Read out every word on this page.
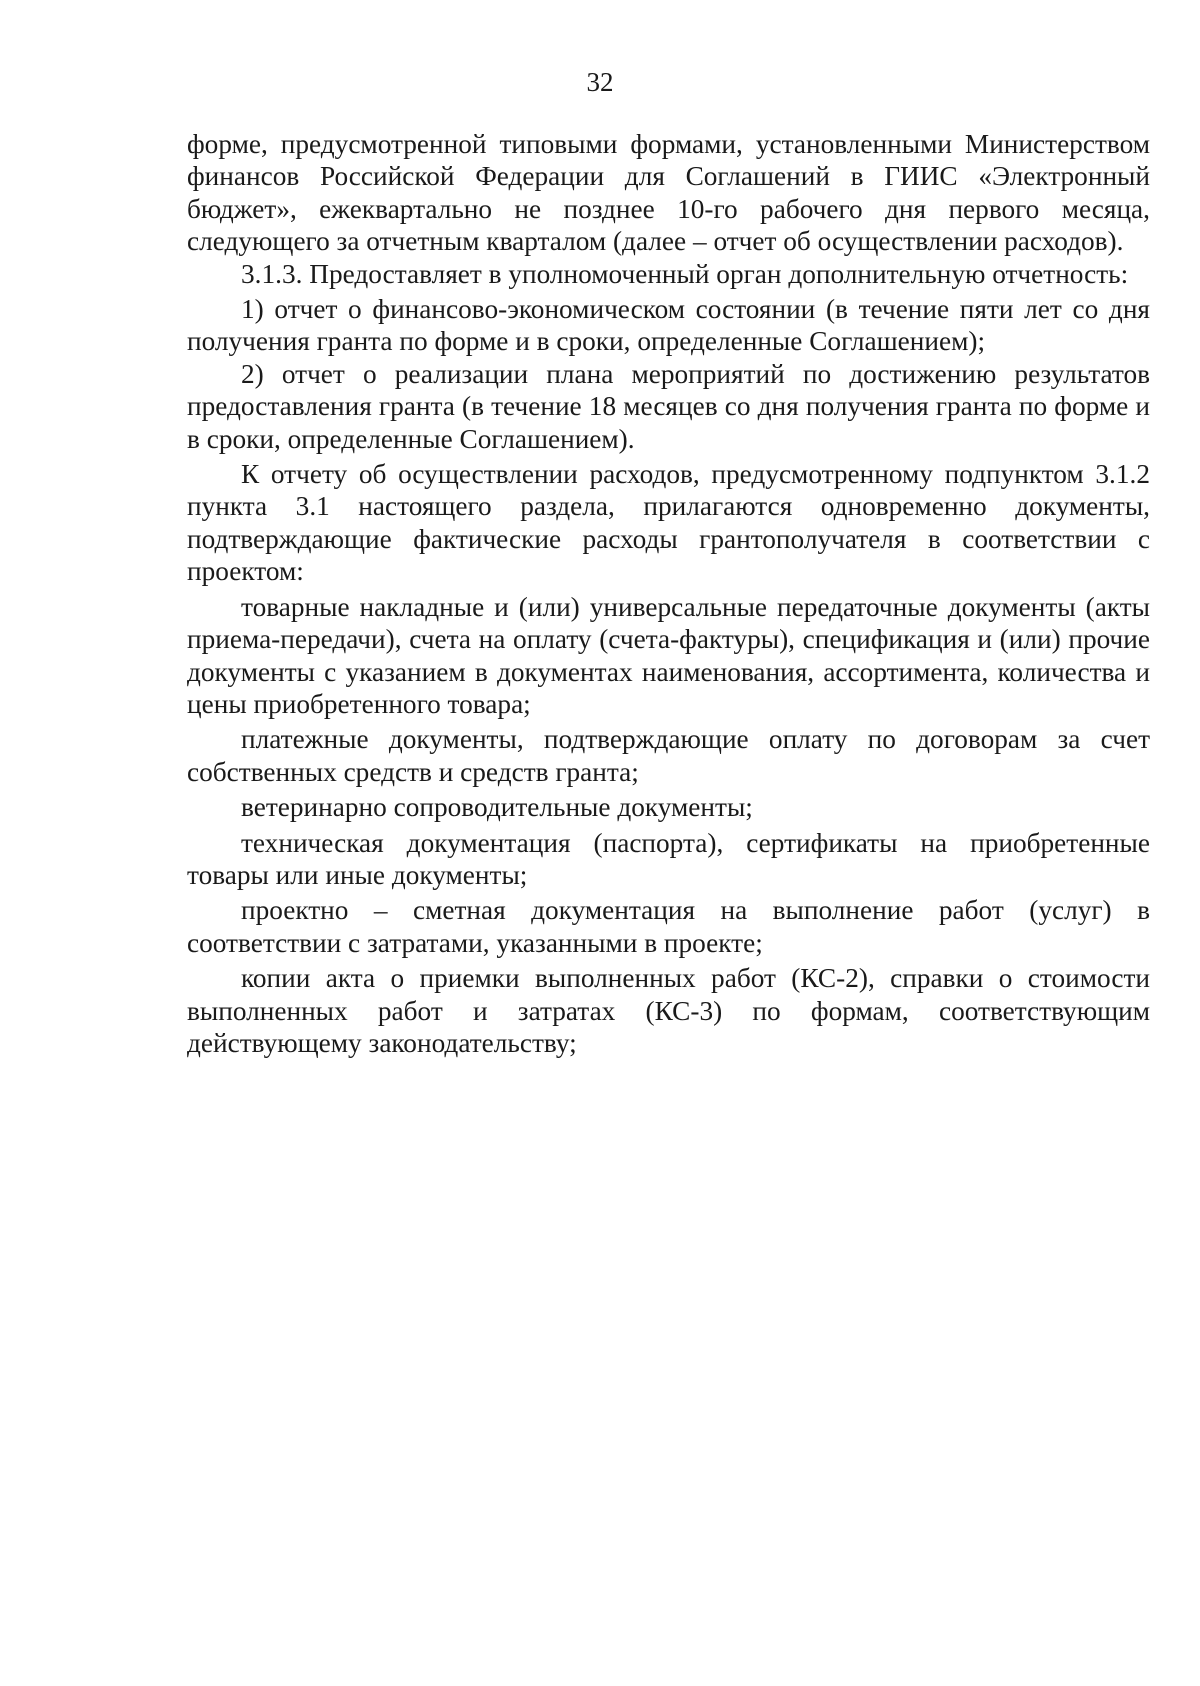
32

форме, предусмотренной типовыми формами, установленными Министерством финансов Российской Федерации для Соглашений в ГИИС «Электронный бюджет», ежеквартально не позднее 10-го рабочего дня первого месяца, следующего за отчетным кварталом (далее – отчет об осуществлении расходов).

3.1.3. Предоставляет в уполномоченный орган дополнительную отчетность:

1) отчет о финансово-экономическом состоянии (в течение пяти лет со дня получения гранта по форме и в сроки, определенные Соглашением);

2) отчет о реализации плана мероприятий по достижению результатов предоставления гранта (в течение 18 месяцев со дня получения гранта по форме и в сроки, определенные Соглашением).

К отчету об осуществлении расходов, предусмотренному подпунктом 3.1.2 пункта 3.1 настоящего раздела, прилагаются одновременно документы, подтверждающие фактические расходы грантополучателя в соответствии с проектом:

товарные накладные и (или) универсальные передаточные документы (акты приема-передачи), счета на оплату (счета-фактуры), спецификация и (или) прочие документы с указанием в документах наименования, ассортимента, количества и цены приобретенного товара;

платежные документы, подтверждающие оплату по договорам за счет собственных средств и средств гранта;

ветеринарно сопроводительные документы;

техническая документация (паспорта), сертификаты на приобретенные товары или иные документы;

проектно – сметная документация на выполнение работ (услуг) в соответствии с затратами, указанными в проекте;

копии акта о приемки выполненных работ (КС-2), справки о стоимости выполненных работ и затратах (КС-3) по формам, соответствующим действующему законодательству;
